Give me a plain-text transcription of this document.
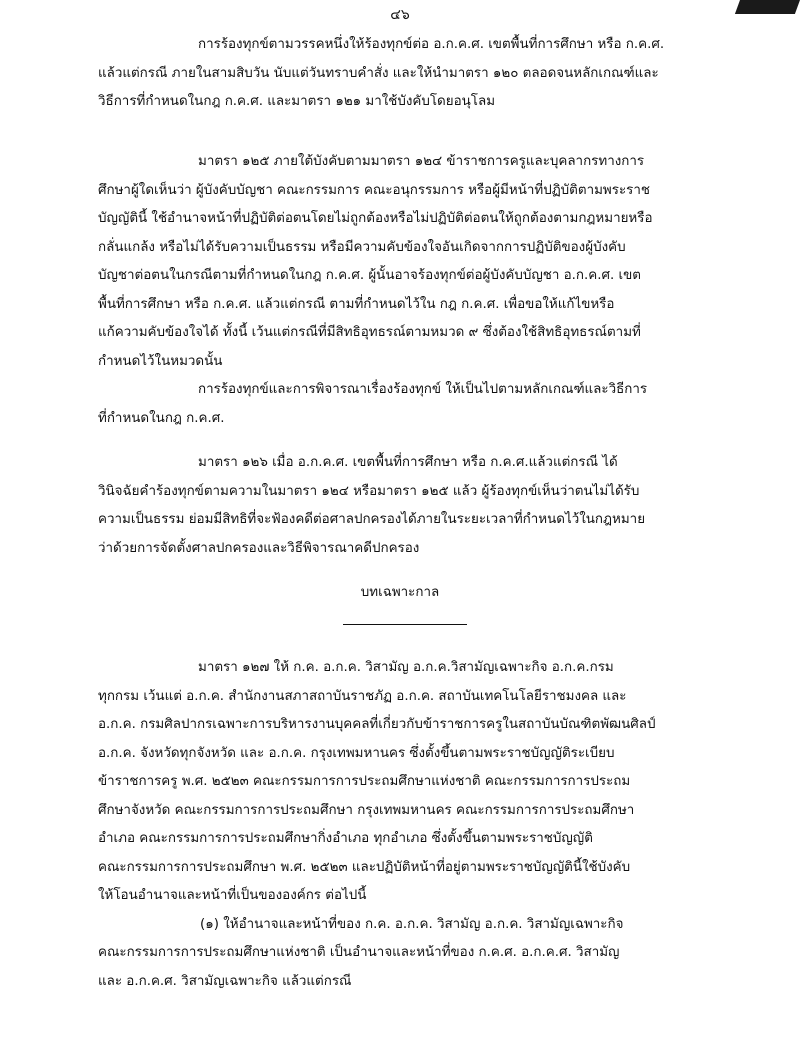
๔๖

การร้องทุกข์ตามวรรคหนึ่งให้ร้องทุกข์ต่อ อ.ก.ค.ศ. เขตพื้นที่การศึกษา หรือ ก.ค.ศ.
แล้วแต่กรณี ภายในสามสิบวัน นับแต่วันทราบคำสั่ง และให้นำมาตรา ๑๒๐ ตลอดจนหลักเกณฑ์และ
วิธีการที่กำหนดในกฎ ก.ค.ศ. และมาตรา ๑๒๑ มาใช้บังคับโดยอนุโลม

มาตรา ๑๒๕ ภายใต้บังคับตามมาตรา ๑๒๔ ข้าราชการครูและบุคลากรทางการ
ศึกษาผู้ใดเห็นว่า ผู้บังคับบัญชา คณะกรรมการ คณะอนุกรรมการ หรือผู้มีหน้าที่ปฏิบัติตามพระราช
บัญญัตินี้ ใช้อำนาจหน้าที่ปฏิบัติต่อตนโดยไม่ถูกต้องหรือไม่ปฏิบัติต่อตนให้ถูกต้องตามกฎหมายหรือ
กลั่นแกล้ง หรือไม่ได้รับความเป็นธรรม หรือมีความคับข้องใจอันเกิดจากการปฏิบัติของผู้บังคับ
บัญชาต่อตนในกรณีตามที่กำหนดในกฎ ก.ค.ศ. ผู้นั้นอาจร้องทุกข์ต่อผู้บังคับบัญชา อ.ก.ค.ศ. เขต
พื้นที่การศึกษา หรือ ก.ค.ศ. แล้วแต่กรณี ตามที่กำหนดไว้ใน กฎ ก.ค.ศ. เพื่อขอให้แก้ไขหรือ
แก้ความคับข้องใจได้ ทั้งนี้ เว้นแต่กรณีที่มีสิทธิอุทธรณ์ตามหมวด ๙ ซึ่งต้องใช้สิทธิอุทธรณ์ตามที่
กำหนดไว้ในหมวดนั้น
การร้องทุกข์และการพิจารณาเรื่องร้องทุกข์ ให้เป็นไปตามหลักเกณฑ์และวิธีการ
ที่กำหนดในกฎ ก.ค.ศ.

มาตรา ๑๒๖ เมื่อ อ.ก.ค.ศ. เขตพื้นที่การศึกษา หรือ ก.ค.ศ.แล้วแต่กรณี ได้
วินิจฉัยคำร้องทุกข์ตามความในมาตรา ๑๒๔ หรือมาตรา ๑๒๕ แล้ว ผู้ร้องทุกข์เห็นว่าตนไม่ได้รับ
ความเป็นธรรม ย่อมมีสิทธิที่จะฟ้องคดีต่อศาลปกครองได้ภายในระยะเวลาที่กำหนดไว้ในกฎหมาย
ว่าด้วยการจัดตั้งศาลปกครองและวิธีพิจารณาคดีปกครอง

บทเฉพาะกาล

มาตรา ๑๒๗ ให้ ก.ค. อ.ก.ค. วิสามัญ อ.ก.ค.วิสามัญเฉพาะกิจ อ.ก.ค.กรม
ทุกกรม เว้นแต่ อ.ก.ค. สำนักงานสภาสถาบันราชภัฏ อ.ก.ค. สถาบันเทคโนโลยีราชมงคล และ
อ.ก.ค. กรมศิลปากรเฉพาะการบริหารงานบุคคลที่เกี่ยวกับข้าราชการครูในสถาบันบัณฑิตพัฒนศิลป์
อ.ก.ค. จังหวัดทุกจังหวัด และ อ.ก.ค. กรุงเทพมหานคร ซึ่งตั้งขึ้นตามพระราชบัญญัติระเบียบ
ข้าราชการครู พ.ศ. ๒๕๒๓ คณะกรรมการการประถมศึกษาแห่งชาติ คณะกรรมการการประถม
ศึกษาจังหวัด คณะกรรมการการประถมศึกษา กรุงเทพมหานคร คณะกรรมการการประถมศึกษา
อำเภอ คณะกรรมการการประถมศึกษากิ่งอำเภอ ทุกอำเภอ ซึ่งตั้งขึ้นตามพระราชบัญญัติ
คณะกรรมการการประถมศึกษา พ.ศ. ๒๕๒๓ และปฏิบัติหน้าที่อยู่ตามพระราชบัญญัตินี้ใช้บังคับ
ให้โอนอำนาจและหน้าที่เป็นขององค์กร ต่อไปนี้
(๑) ให้อำนาจและหน้าที่ของ ก.ค. อ.ก.ค. วิสามัญ อ.ก.ค. วิสามัญเฉพาะกิจ
คณะกรรมการการประถมศึกษาแห่งชาติ เป็นอำนาจและหน้าที่ของ ก.ค.ศ. อ.ก.ค.ศ. วิสามัญ
และ อ.ก.ค.ศ. วิสามัญเฉพาะกิจ แล้วแต่กรณี
